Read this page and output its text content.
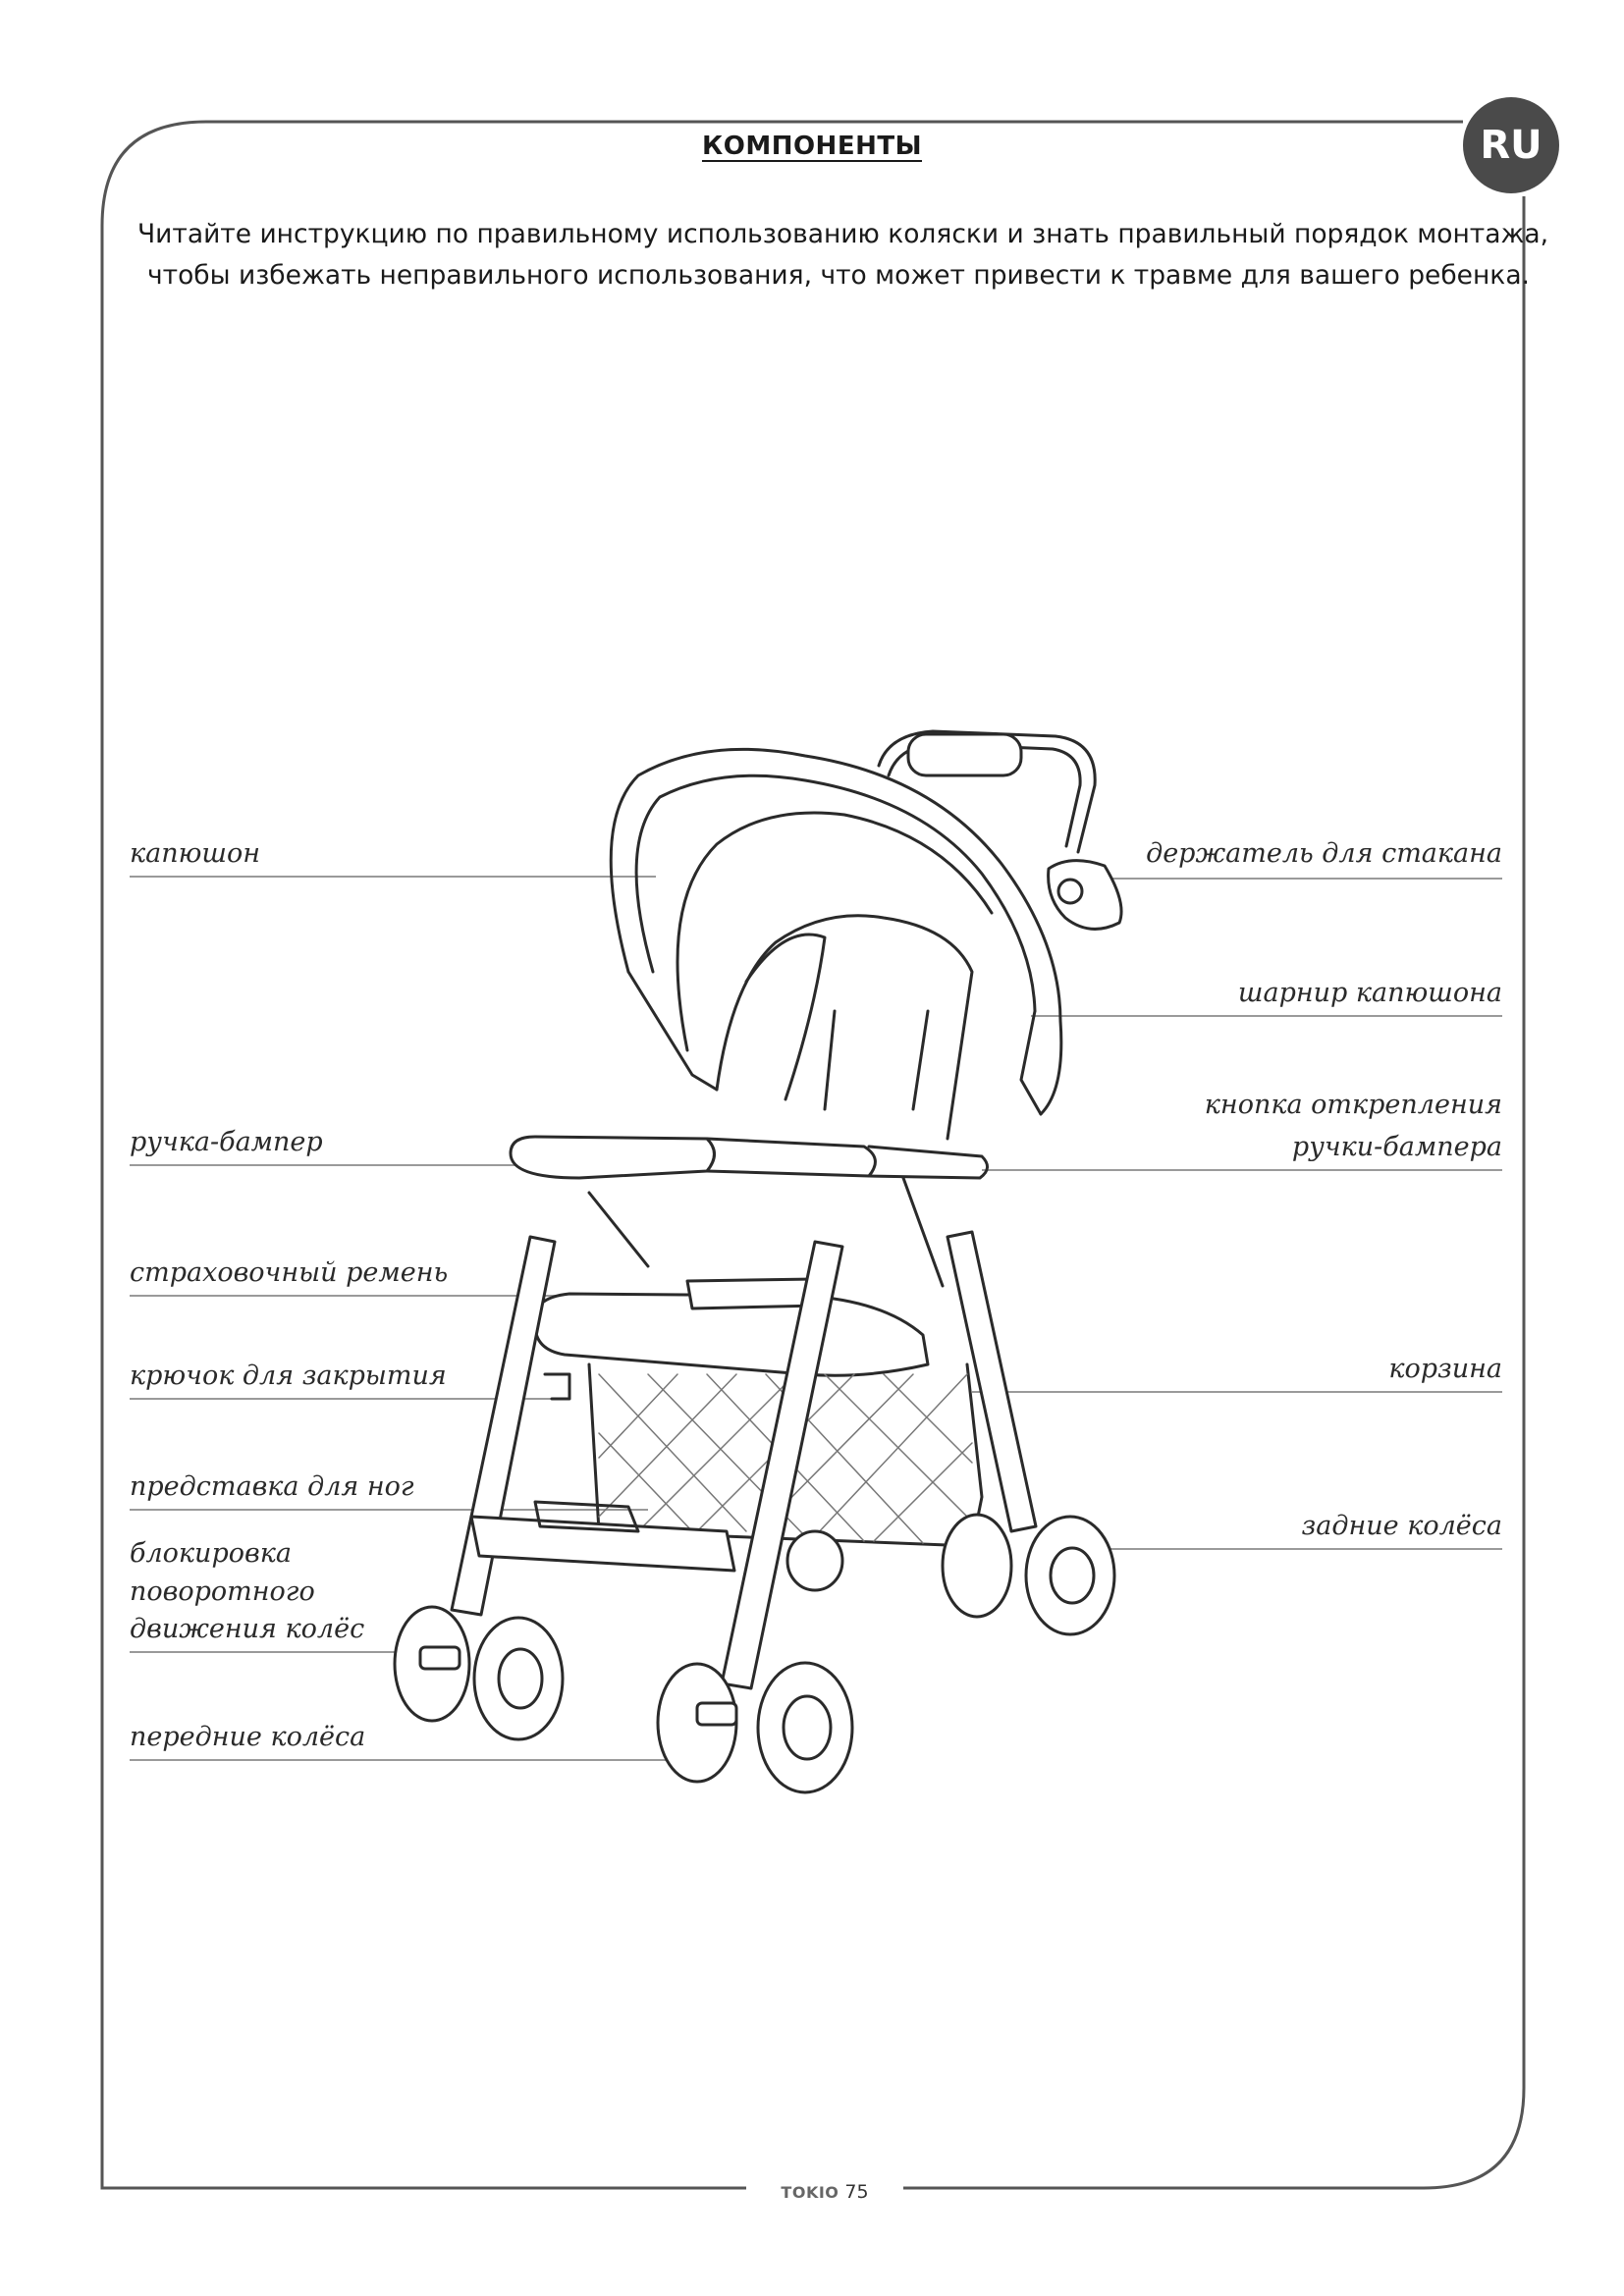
RU
КОМПОНЕНТЫ
Читайте инструкцию по правильному использованию коляски и знать правильный порядок монтажа,
чтобы избежать неправильного использования, что может привести к травме для вашего ребенка.
капюшон
ручка-бампер
страховочный ремень
крючок для закрытия
представка для ног
блокировка
поворотного
движения колёс
передние колёса
держатель для стакана
шарнир капюшона
кнопка открепления
ручки-бампера
корзина
задние колёса
TOKIO 75
